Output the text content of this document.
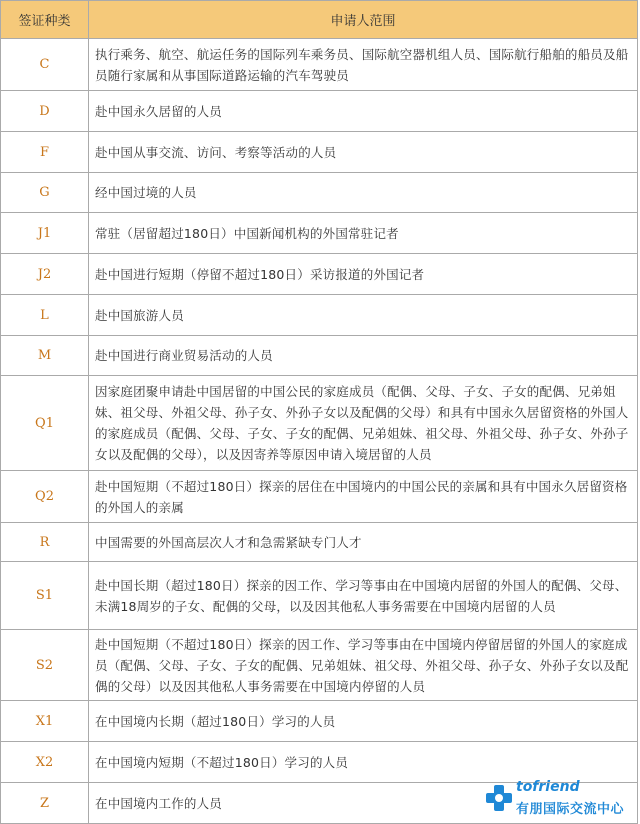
签证种类	申请人范围
C	执行乘务、航空、航运任务的国际列车乘务员、国际航空器机组人员、国际航行船舶的船员及船员随行家属和从事国际道路运输的汽车驾驶员
D	赴中国永久居留的人员
F	赴中国从事交流、访问、考察等活动的人员
G	经中国过境的人员
J1	常驻（居留超过180日）中国新闻机构的外国常驻记者
J2	赴中国进行短期（停留不超过180日）采访报道的外国记者
L	赴中国旅游人员
M	赴中国进行商业贸易活动的人员
Q1	因家庭团聚申请赴中国居留的中国公民的家庭成员（配偶、父母、子女、子女的配偶、兄弟姐妹、祖父母、外祖父母、孙子女、外孙子女以及配偶的父母）和具有中国永久居留资格的外国人的家庭成员（配偶、父母、子女、子女的配偶、兄弟姐妹、祖父母、外祖父母、孙子女、外孙子女以及配偶的父母），以及因寄养等原因申请入境居留的人员
Q2	赴中国短期（不超过180日）探亲的居住在中国境内的中国公民的亲属和具有中国永久居留资格的外国人的亲属
R	中国需要的外国高层次人才和急需紧缺专门人才
S1	赴中国长期（超过180日）探亲的因工作、学习等事由在中国境内居留的外国人的配偶、父母、未满18周岁的子女、配偶的父母，以及因其他私人事务需要在中国境内居留的人员
S2	赴中国短期（不超过180日）探亲的因工作、学习等事由在中国境内停留居留的外国人的家庭成员（配偶、父母、子女、子女的配偶、兄弟姐妹、祖父母、外祖父母、孙子女、外孙子女以及配偶的父母）以及因其他私人事务需要在中国境内停留的人员
X1	在中国境内长期（超过180日）学习的人员
X2	在中国境内短期（不超过180日）学习的人员
Z	在中国境内工作的人员
tofriend
有朋国际交流中心
